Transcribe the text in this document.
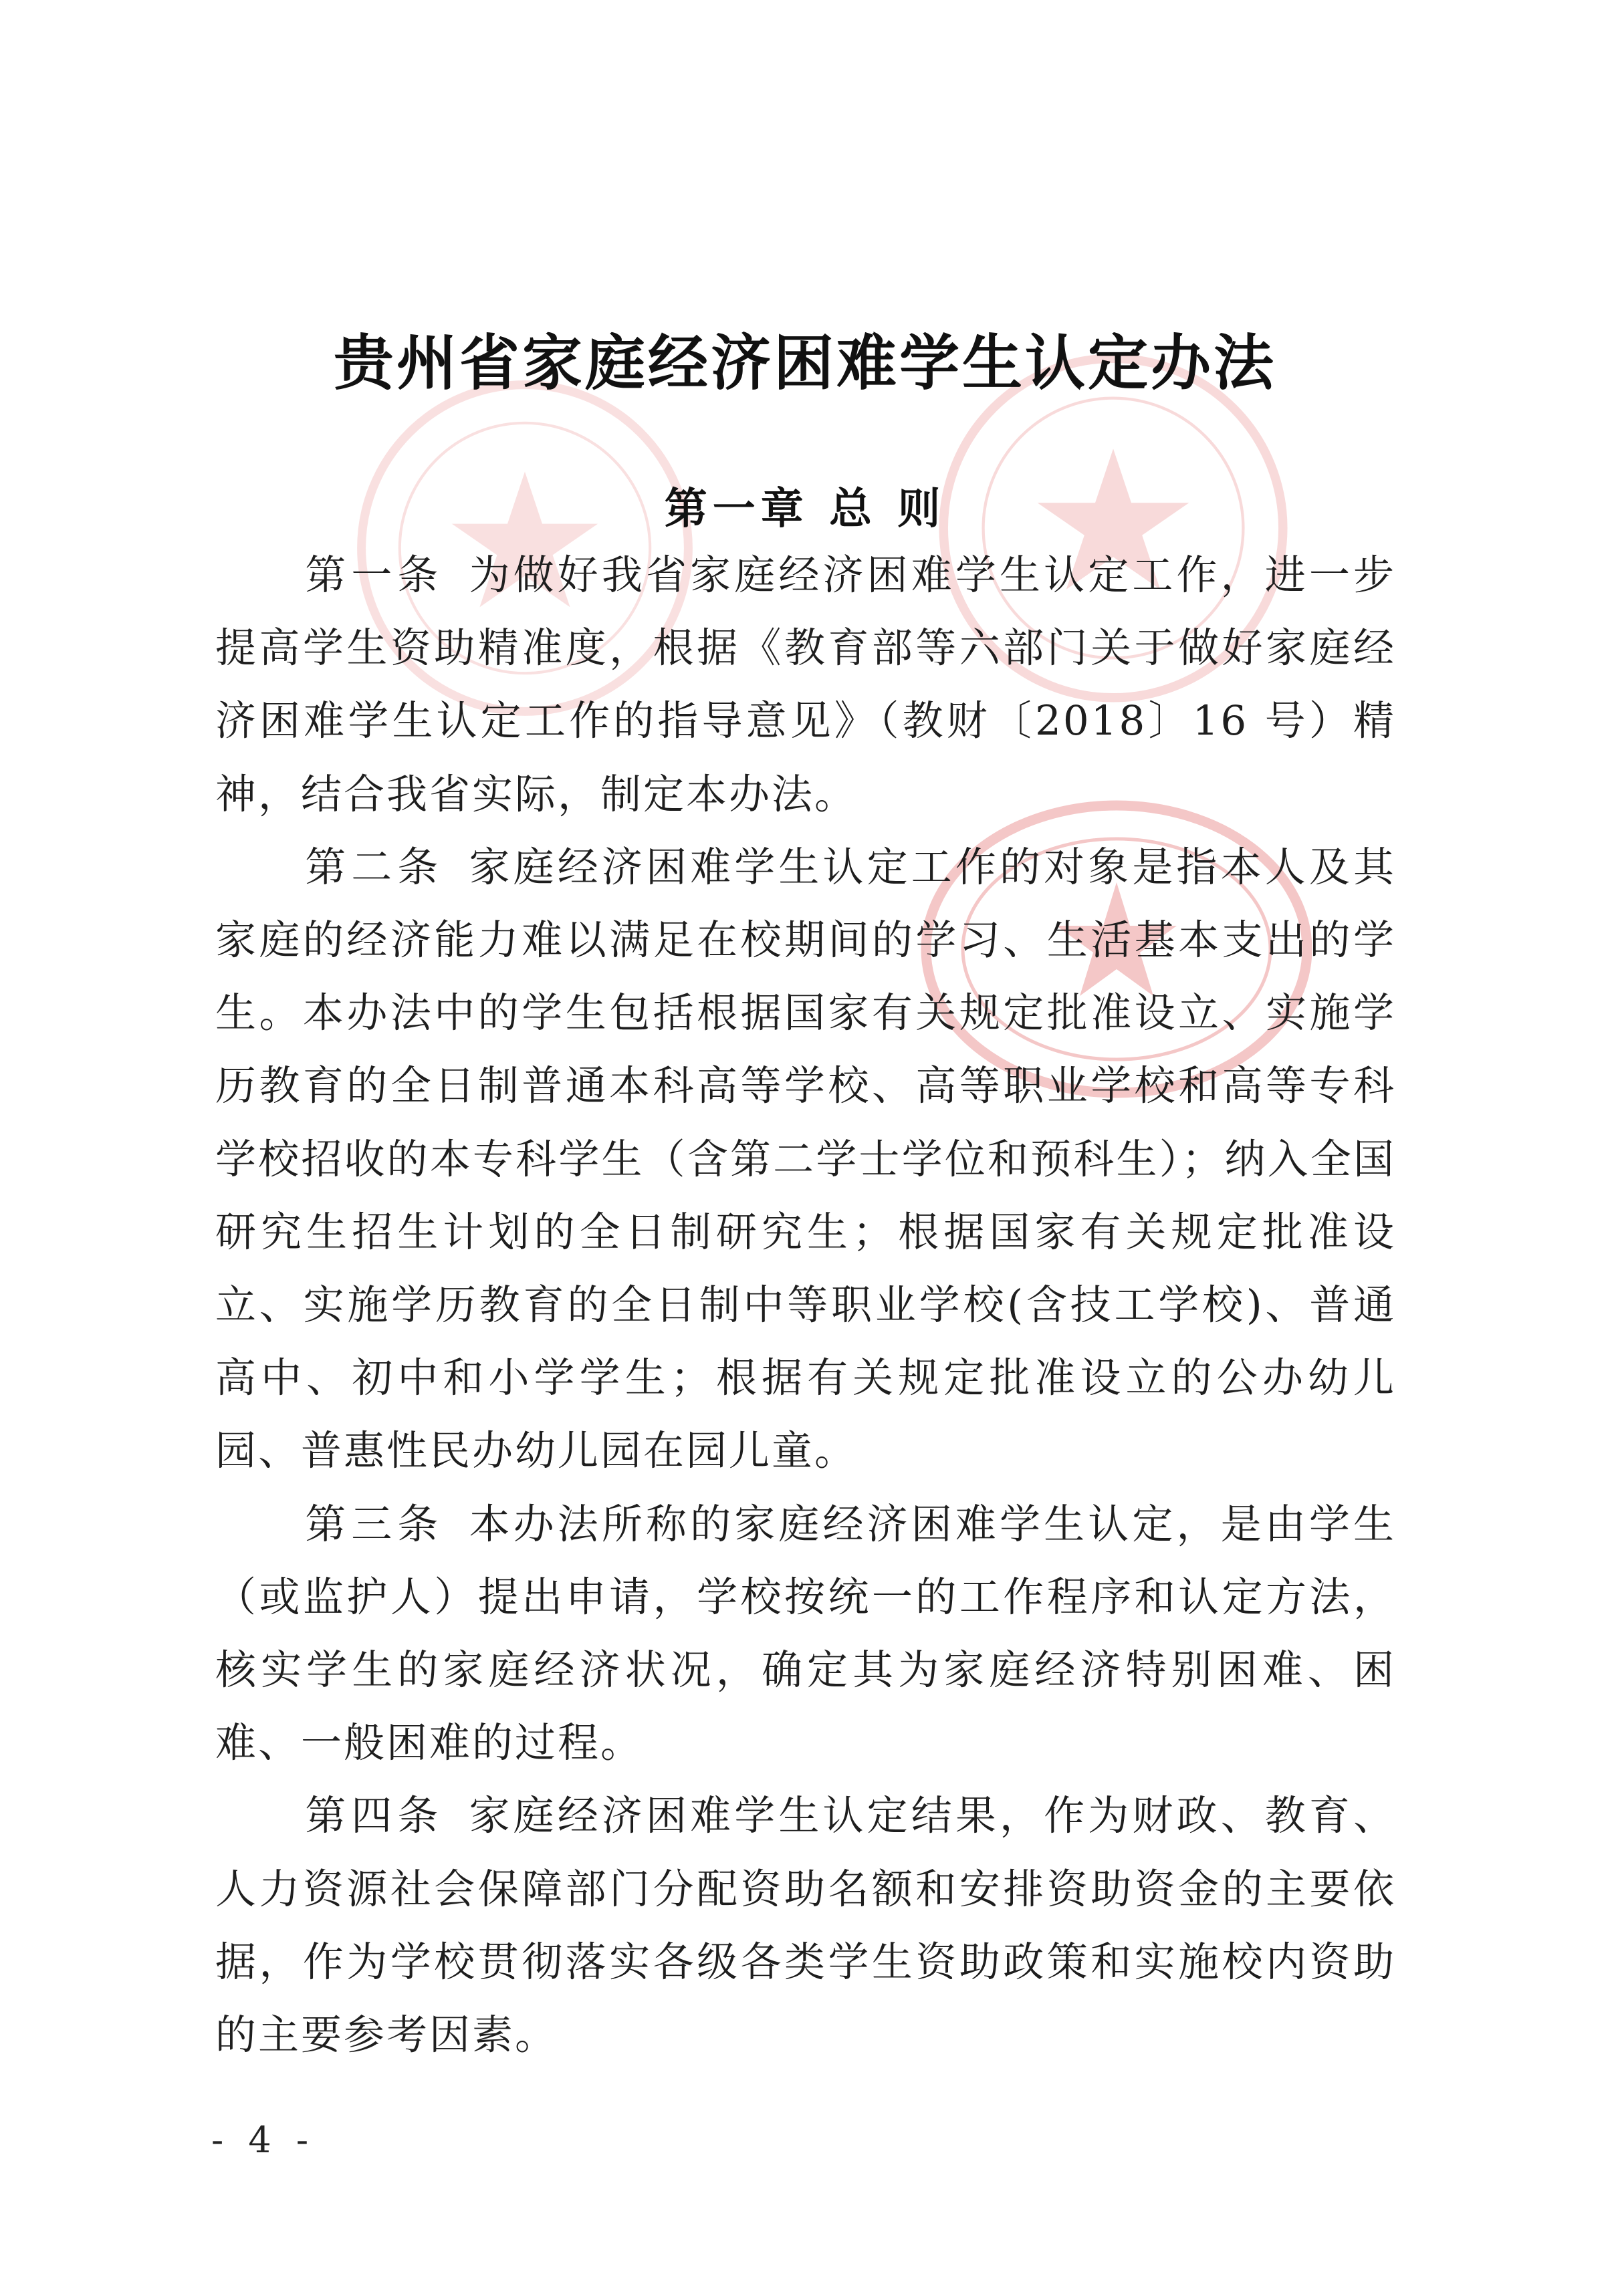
贵州省家庭经济困难学生认定办法
第一章 总 则

第一条 为做好我省家庭经济困难学生认定工作，进一步提高学生资助精准度，根据《教育部等六部门关于做好家庭经济困难学生认定工作的指导意见》（教财〔2018〕16 号）精神，结合我省实际，制定本办法。

第二条 家庭经济困难学生认定工作的对象是指本人及其家庭的经济能力难以满足在校期间的学习、生活基本支出的学生。本办法中的学生包括根据国家有关规定批准设立、实施学历教育的全日制普通本科高等学校、高等职业学校和高等专科学校招收的本专科学生（含第二学士学位和预科生）；纳入全国研究生招生计划的全日制研究生；根据国家有关规定批准设立、实施学历教育的全日制中等职业学校(含技工学校)、普通高中、初中和小学学生；根据有关规定批准设立的公办幼儿园、普惠性民办幼儿园在园儿童。

第三条 本办法所称的家庭经济困难学生认定，是由学生（或监护人）提出申请，学校按统一的工作程序和认定方法，核实学生的家庭经济状况，确定其为家庭经济特别困难、困难、一般困难的过程。

第四条 家庭经济困难学生认定结果，作为财政、教育、人力资源社会保障部门分配资助名额和安排资助资金的主要依据，作为学校贯彻落实各级各类学生资助政策和实施校内资助的主要参考因素。

- 4 -
